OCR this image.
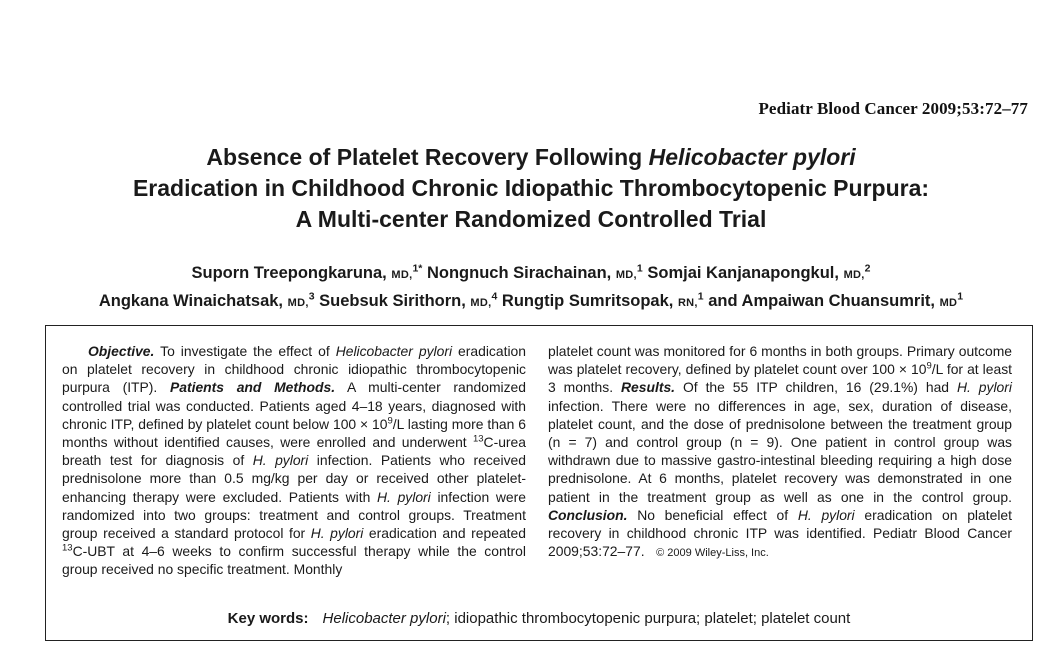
Pediatr Blood Cancer 2009;53:72–77
Absence of Platelet Recovery Following Helicobacter pylori
Eradication in Childhood Chronic Idiopathic Thrombocytopenic Purpura:
A Multi-center Randomized Controlled Trial
Suporn Treepongkaruna, MD,$^{1*}$ Nongnuch Sirachainan, MD,$^1$ Somjai Kanjanapongkul, MD,$^2$
Angkana Winaichatsak, MD,$^3$ Suebsuk Sirithorn, MD,$^4$ Rungtip Sumritsopak, RN,$^1$ and Ampaiwan Chuansumrit, $MD^1$
Objective. To investigate the effect of Helicobacter pylori eradication on platelet recovery in childhood chronic idiopathic thrombocytopenic purpura (ITP). Patients and Methods. A multi-center randomized controlled trial was conducted. Patients aged 4–18 years, diagnosed with chronic ITP, defined by platelet count below $100 \times 10^9/L$ lasting more than 6 months without identified causes, were enrolled and underwent $^{13}$C-urea breath test for diagnosis of H. pylori infection. Patients who received prednisolone more than 0.5 mg/kg per day or received other platelet-enhancing therapy were excluded. Patients with H. pylori infection were randomized into two groups: treatment and control groups. Treatment group received a standard protocol for H. pylori eradication and repeated $^{13}$C-UBT at 4–6 weeks to confirm successful therapy while the control group received no specific treatment. Monthly
platelet count was monitored for 6 months in both groups. Primary outcome was platelet recovery, defined by platelet count over $100 \times 10^9/L$ for at least 3 months. Results. Of the 55 ITP children, 16 (29.1%) had H. pylori infection. There were no differences in age, sex, duration of disease, platelet count, and the dose of prednisolone between the treatment group (n = 7) and control group (n = 9). One patient in control group was withdrawn due to massive gastro-intestinal bleeding requiring a high dose prednisolone. At 6 months, platelet recovery was demonstrated in one patient in the treatment group as well as one in the control group. Conclusion. No beneficial effect of H. pylori eradication on platelet recovery in childhood chronic ITP was identified. Pediatr Blood Cancer 2009;53:72–77. © 2009 Wiley-Liss, Inc.
Key words: Helicobacter pylori; idiopathic thrombocytopenic purpura; platelet; platelet count
